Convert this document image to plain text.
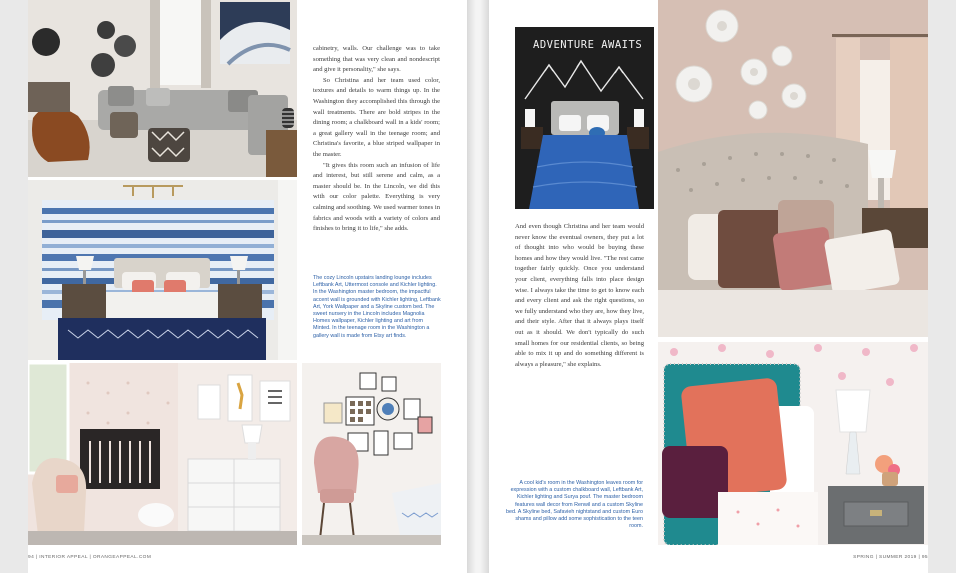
cabinetry, walls. Our challenge was to take something that was very clean and nondescript and give it personality," she says.

So Christina and her team used color, textures and details to warm things up. In the Washington they accomplished this through the wall treatments. There are bold stripes in the dining room; a chalkboard wall in a kids' room; a great gallery wall in the teenage room; and Christina's favorite, a blue striped wallpaper in the master.

"It gives this room such an infusion of life and interest, but still serene and calm, as a master should be. In the Lincoln, we did this with our color palette. Everything is very calming and soothing. We used warmer tones in fabrics and woods with a variety of colors and finishes to bring it to life," she adds.

The cozy Lincoln upstairs landing lounge includes Leftbank Art, Uttermost console and Kichler lighting. In the Washington master bedroom, the impactful accent wall is grounded with Kichler lighting, Leftbank Art, York Wallpaper and a Skyline custom bed. The sweet nursery in the Lincoln includes Magnolia Homes wallpaper, Kichler lighting and art from Minted. In the teenage room in the Washington a gallery wall is made from Etsy art finds.
94 | INTERIOR APPEAL | ORANGEAPPEAL.COM
ADVENTURE AWAITS

And even though Christina and her team would never know the eventual owners, they put a lot of thought into who would be buying these homes and how they would live. "The rest came together fairly quickly. Once you understand your client, everything falls into place design wise. I always take the time to get to know each and every client and ask the right questions, so we fully understand who they are, how they live, and their style. After that it always plays itself out as it should. We don't typically do such small homes for our residential clients, so being able to mix it up and do something different is always a pleasure," she explains.

A cool kid's room in the Washington leaves room for expression with a custom chalkboard wall, Leftbank Art, Kichler lighting and Surya pouf. The master bedroom features wall decor from Renwil and a custom Skyline bed. A Skyline bed, Safavieh nightstand and custom Euro shams and pillow add some sophistication to the teen room.
SPRING | SUMMER 2019 | 95
